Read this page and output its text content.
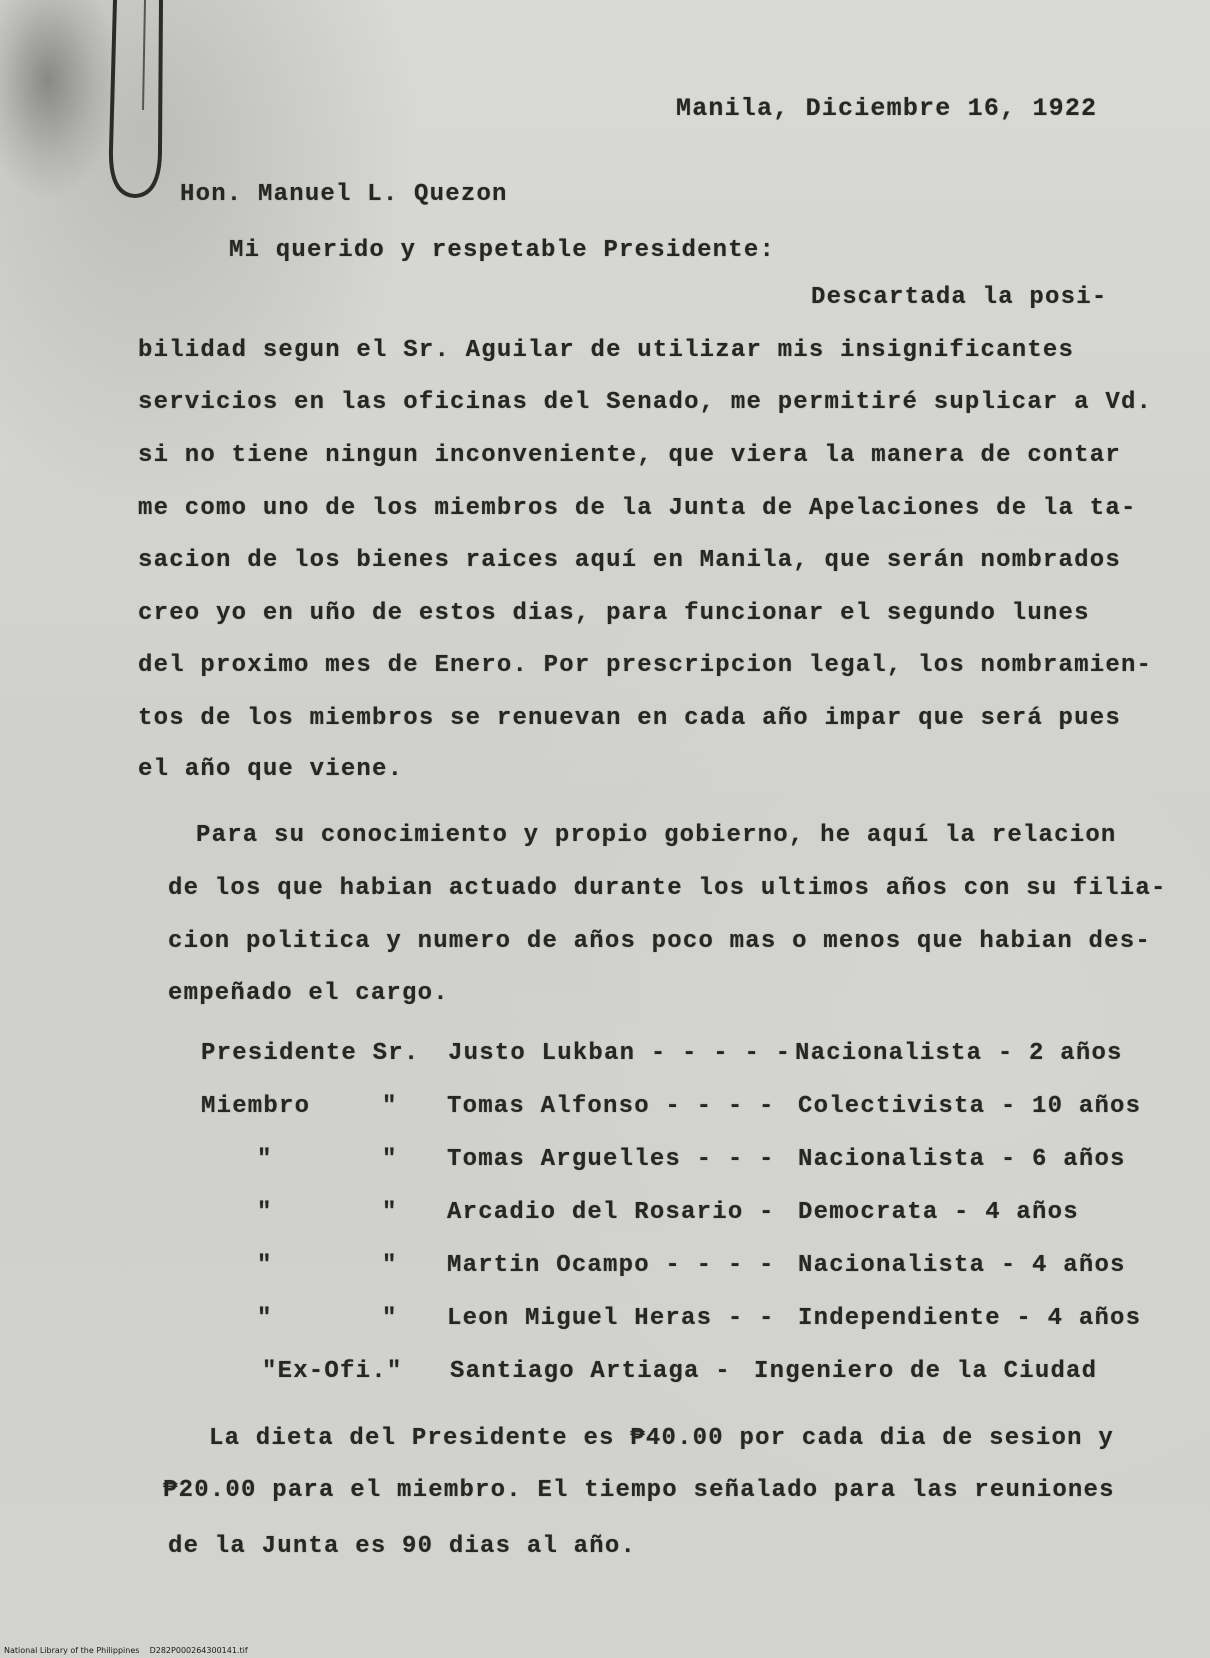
Manila, Diciembre 16, 1922
Hon. Manuel L. Quezon
Mi querido y respetable Presidente:
Descartada la posi-
bilidad segun el Sr. Aguilar de utilizar mis insignificantes
servicios en las oficinas del Senado, me permitiré suplicar a Vd.
si no tiene ningun inconveniente, que viera la manera de contar
me como uno de los miembros de la Junta de Apelaciones de la ta-
sacion de los bienes raices aquí en Manila, que serán nombrados
creo yo en uño de estos dias, para funcionar el segundo lunes
del proximo mes de Enero. Por prescripcion legal, los nombramien-
tos de los miembros se renuevan en cada año impar que será pues
el año que viene.
Para su conocimiento y propio gobierno, he aquí la relacion
de los que habian actuado durante los ultimos años con su filia-
cion politica y numero de años poco mas o menos que habian des-
empeñado el cargo.
Presidente Sr. Justo Lukban - - - - - Nacionalista - 2 años
Miembro	" Tomas Alfonso - - - - Colectivista - 10 años
"	" Tomas Arguelles - - - Nacionalista - 6 años
"	" Arcadio del Rosario - Democrata - 4 años
"	" Martin Ocampo - - - - Nacionalista - 4 años
"	" Leon Miguel Heras - - Independiente - 4 años
"Ex-Ofi." Santiago Artiaga - Ingeniero de la Ciudad
La dieta del Presidente es ₱40.00 por cada dia de sesion y
₱20.00 para el miembro. El tiempo señalado para las reuniones
de la Junta es 90 dias al año.
National Library of the Philippines D282P000264300141.tif
